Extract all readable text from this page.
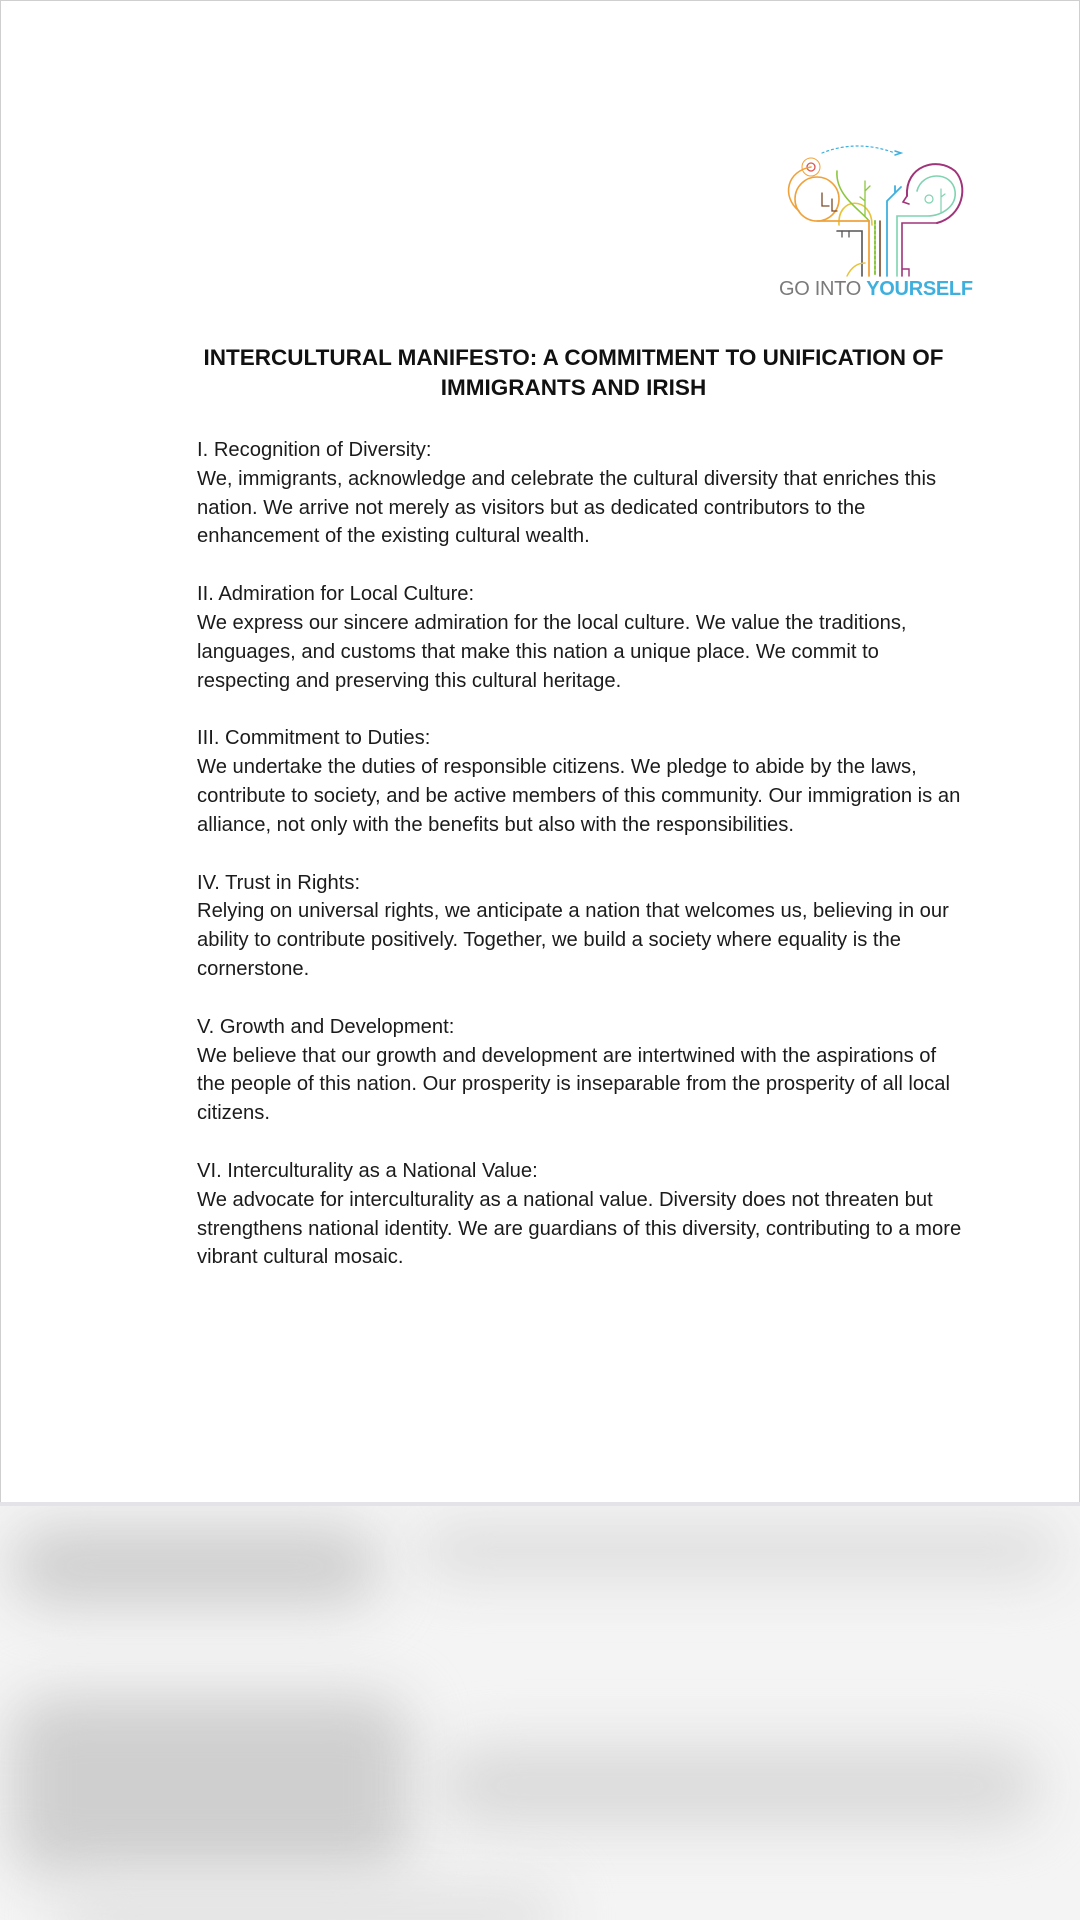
GO INTO YOURSELF
INTERCULTURAL MANIFESTO: A COMMITMENT TO UNIFICATION OF IMMIGRANTS AND IRISH
I. Recognition of Diversity:
We, immigrants, acknowledge and celebrate the cultural diversity that enriches this nation. We arrive not merely as visitors but as dedicated contributors to the enhancement of the existing cultural wealth.
II. Admiration for Local Culture:
We express our sincere admiration for the local culture. We value the traditions, languages, and customs that make this nation a unique place. We commit to respecting and preserving this cultural heritage.
III. Commitment to Duties:
We undertake the duties of responsible citizens. We pledge to abide by the laws, contribute to society, and be active members of this community. Our immigration is an alliance, not only with the benefits but also with the responsibilities.
IV. Trust in Rights:
Relying on universal rights, we anticipate a nation that welcomes us, believing in our ability to contribute positively. Together, we build a society where equality is the cornerstone.
V. Growth and Development:
We believe that our growth and development are intertwined with the aspirations of the people of this nation. Our prosperity is inseparable from the prosperity of all local citizens.
VI. Interculturality as a National Value:
We advocate for interculturality as a national value. Diversity does not threaten but strengthens national identity. We are guardians of this diversity, contributing to a more vibrant cultural mosaic.
